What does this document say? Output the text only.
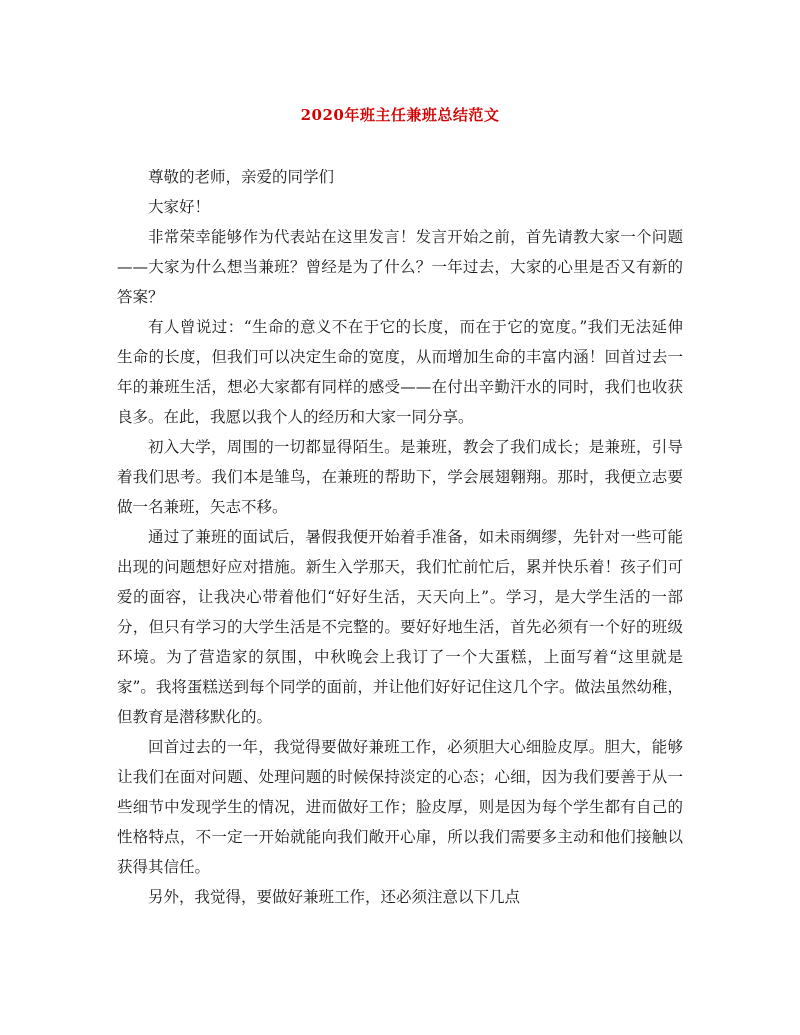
2020年班主任兼班总结范文

尊敬的老师，亲爱的同学们

大家好！

非常荣幸能够作为代表站在这里发言！发言开始之前，首先请教大家一个问题——大家为什么想当兼班？曾经是为了什么？一年过去，大家的心里是否又有新的答案？

有人曾说过：“生命的意义不在于它的长度，而在于它的宽度。”我们无法延伸生命的长度，但我们可以决定生命的宽度，从而增加生命的丰富内涵！回首过去一年的兼班生活，想必大家都有同样的感受——在付出辛勤汗水的同时，我们也收获良多。在此，我愿以我个人的经历和大家一同分享。

初入大学，周围的一切都显得陌生。是兼班，教会了我们成长；是兼班，引导着我们思考。我们本是雏鸟，在兼班的帮助下，学会展翅翱翔。那时，我便立志要做一名兼班，矢志不移。

通过了兼班的面试后，暑假我便开始着手准备，如未雨绸缪，先针对一些可能出现的问题想好应对措施。新生入学那天，我们忙前忙后，累并快乐着！孩子们可爱的面容，让我决心带着他们“好好生活，天天向上”。学习，是大学生活的一部分，但只有学习的大学生活是不完整的。要好好地生活，首先必须有一个好的班级环境。为了营造家的氛围，中秋晚会上我订了一个大蛋糕，上面写着“这里就是家”。我将蛋糕送到每个同学的面前，并让他们好好记住这几个字。做法虽然幼稚，但教育是潜移默化的。

回首过去的一年，我觉得要做好兼班工作，必须胆大心细脸皮厚。胆大，能够让我们在面对问题、处理问题的时候保持淡定的心态；心细，因为我们要善于从一些细节中发现学生的情况，进而做好工作；脸皮厚，则是因为每个学生都有自己的性格特点，不一定一开始就能向我们敞开心扉，所以我们需要多主动和他们接触以获得其信任。

另外，我觉得，要做好兼班工作，还必须注意以下几点
